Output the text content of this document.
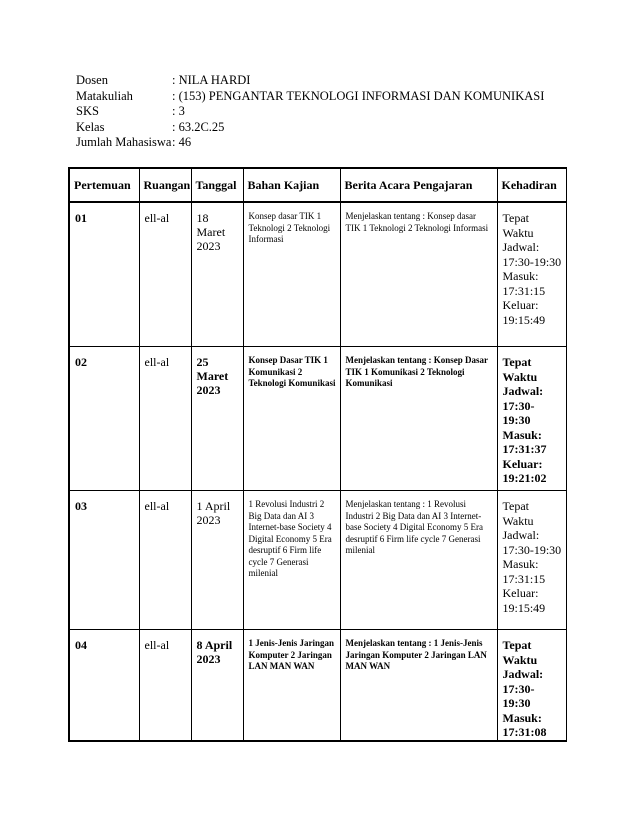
Dosen	: NILA HARDI
Matakuliah	: (153) PENGANTAR TEKNOLOGI INFORMASI DAN KOMUNIKASI
SKS	: 3
Kelas	: 63.2C.25
Jumlah Mahasiswa : 46
Pertemuan	Ruangan	Tanggal	Bahan Kajian	Berita Acara Pengajaran	Kehadiran
01	ell-al	18 Maret 2023	Konsep dasar TIK 1 Teknologi 2 Teknologi Informasi	Menjelaskan tentang : Konsep dasar TIK 1 Teknologi 2 Teknologi Informasi	Tepat Waktu Jadwal: 17:30-19:30 Masuk: 17:31:15 Keluar: 19:15:49
02	ell-al	25 Maret 2023	Konsep Dasar TIK 1 Komunikasi 2 Teknologi Komunikasi	Menjelaskan tentang : Konsep Dasar TIK 1 Komunikasi 2 Teknologi Komunikasi	Tepat Waktu Jadwal: 17:30-19:30 Masuk: 17:31:37 Keluar: 19:21:02
03	ell-al	1 April 2023	1 Revolusi Industri 2 Big Data dan AI 3 Internet-base Society 4 Digital Economy 5 Era desruptif 6 Firm life cycle 7 Generasi milenial	Menjelaskan tentang : 1 Revolusi Industri 2 Big Data dan AI 3 Internet-base Society 4 Digital Economy 5 Era desruptif 6 Firm life cycle 7 Generasi milenial	Tepat Waktu Jadwal: 17:30-19:30 Masuk: 17:31:15 Keluar: 19:15:49
04	ell-al	8 April 2023	1 Jenis-Jenis Jaringan Komputer 2 Jaringan LAN MAN WAN	Menjelaskan tentang : 1 Jenis-Jenis Jaringan Komputer 2 Jaringan LAN MAN WAN	Tepat Waktu Jadwal: 17:30-19:30 Masuk: 17:31:08
